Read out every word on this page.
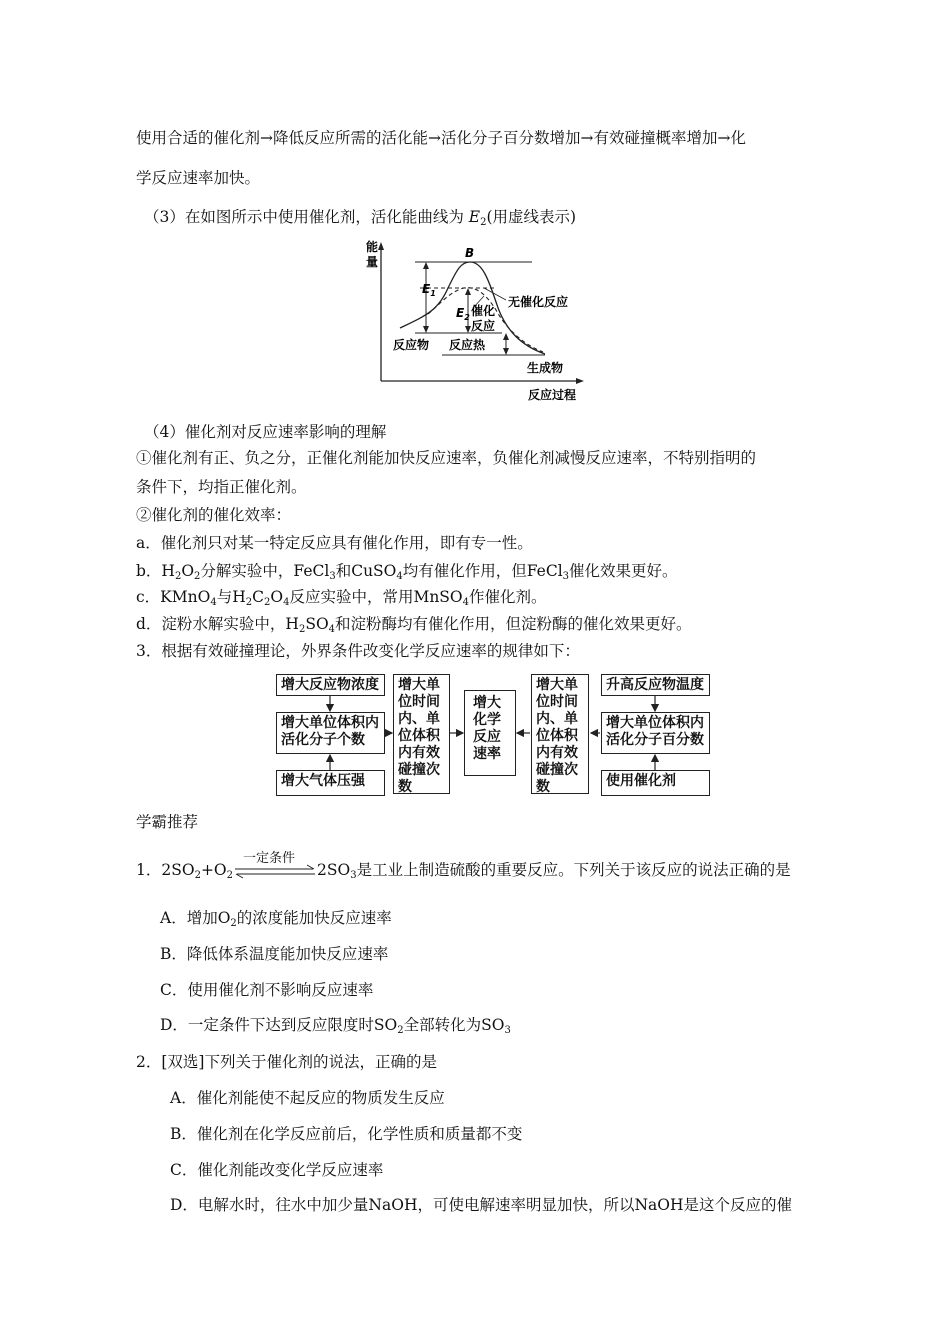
使用合适的催化剂→降低反应所需的活化能→活化分子百分数增加→有效碰撞概率增加→化
学反应速率加快。
（3）在如图所示中使用催化剂，活化能曲线为 $E_2$(用虚线表示)
能
量
反应过程
B
$E_1$
$E_2$ 催化
反应
无催化反应
反应物 反应热
生成物
（4）催化剂对反应速率影响的理解
①催化剂有正、负之分，正催化剂能加快反应速率，负催化剂减慢反应速率，不特别指明的
条件下，均指正催化剂。
②催化剂的催化效率：
a．催化剂只对某一特定反应具有催化作用，即有专一性。
b．$H_2O_2$分解实验中，FeCl$_3$和CuSO$_4$均有催化作用，但FeCl$_3$催化效果更好。
c．KMnO$_4$与$H_2C_2O_4$反应实验中，常用MnSO$_4$作催化剂。
d．淀粉水解实验中，$H_2SO_4$和淀粉酶均有催化作用，但淀粉酶的催化效果更好。
3．根据有效碰撞理论，外界条件改变化学反应速率的规律如下：
增大反应物浓度
增大单位体积内活化分子个数
增大气体压强
增大单位时间内、单位体积内有效碰撞次数
增大化学反应速率
增大单位时间内、单位体积内有效碰撞次数
升高反应物温度
增大单位体积内活化分子百分数
使用催化剂
学霸推荐
1．$2SO_2+O_2$
一定条件
$2SO_3$是工业上制造硫酸的重要反应。下列关于该反应的说法正确的是
A．增加$O_2$的浓度能加快反应速率
B．降低体系温度能加快反应速率
C．使用催化剂不影响反应速率
D．一定条件下达到反应限度时$SO_2$全部转化为$SO_3$
2．[双选]下列关于催化剂的说法，正确的是
A．催化剂能使不起反应的物质发生反应
B．催化剂在化学反应前后，化学性质和质量都不变
C．催化剂能改变化学反应速率
D．电解水时，往水中加少量NaOH，可使电解速率明显加快，所以NaOH是这个反应的催
